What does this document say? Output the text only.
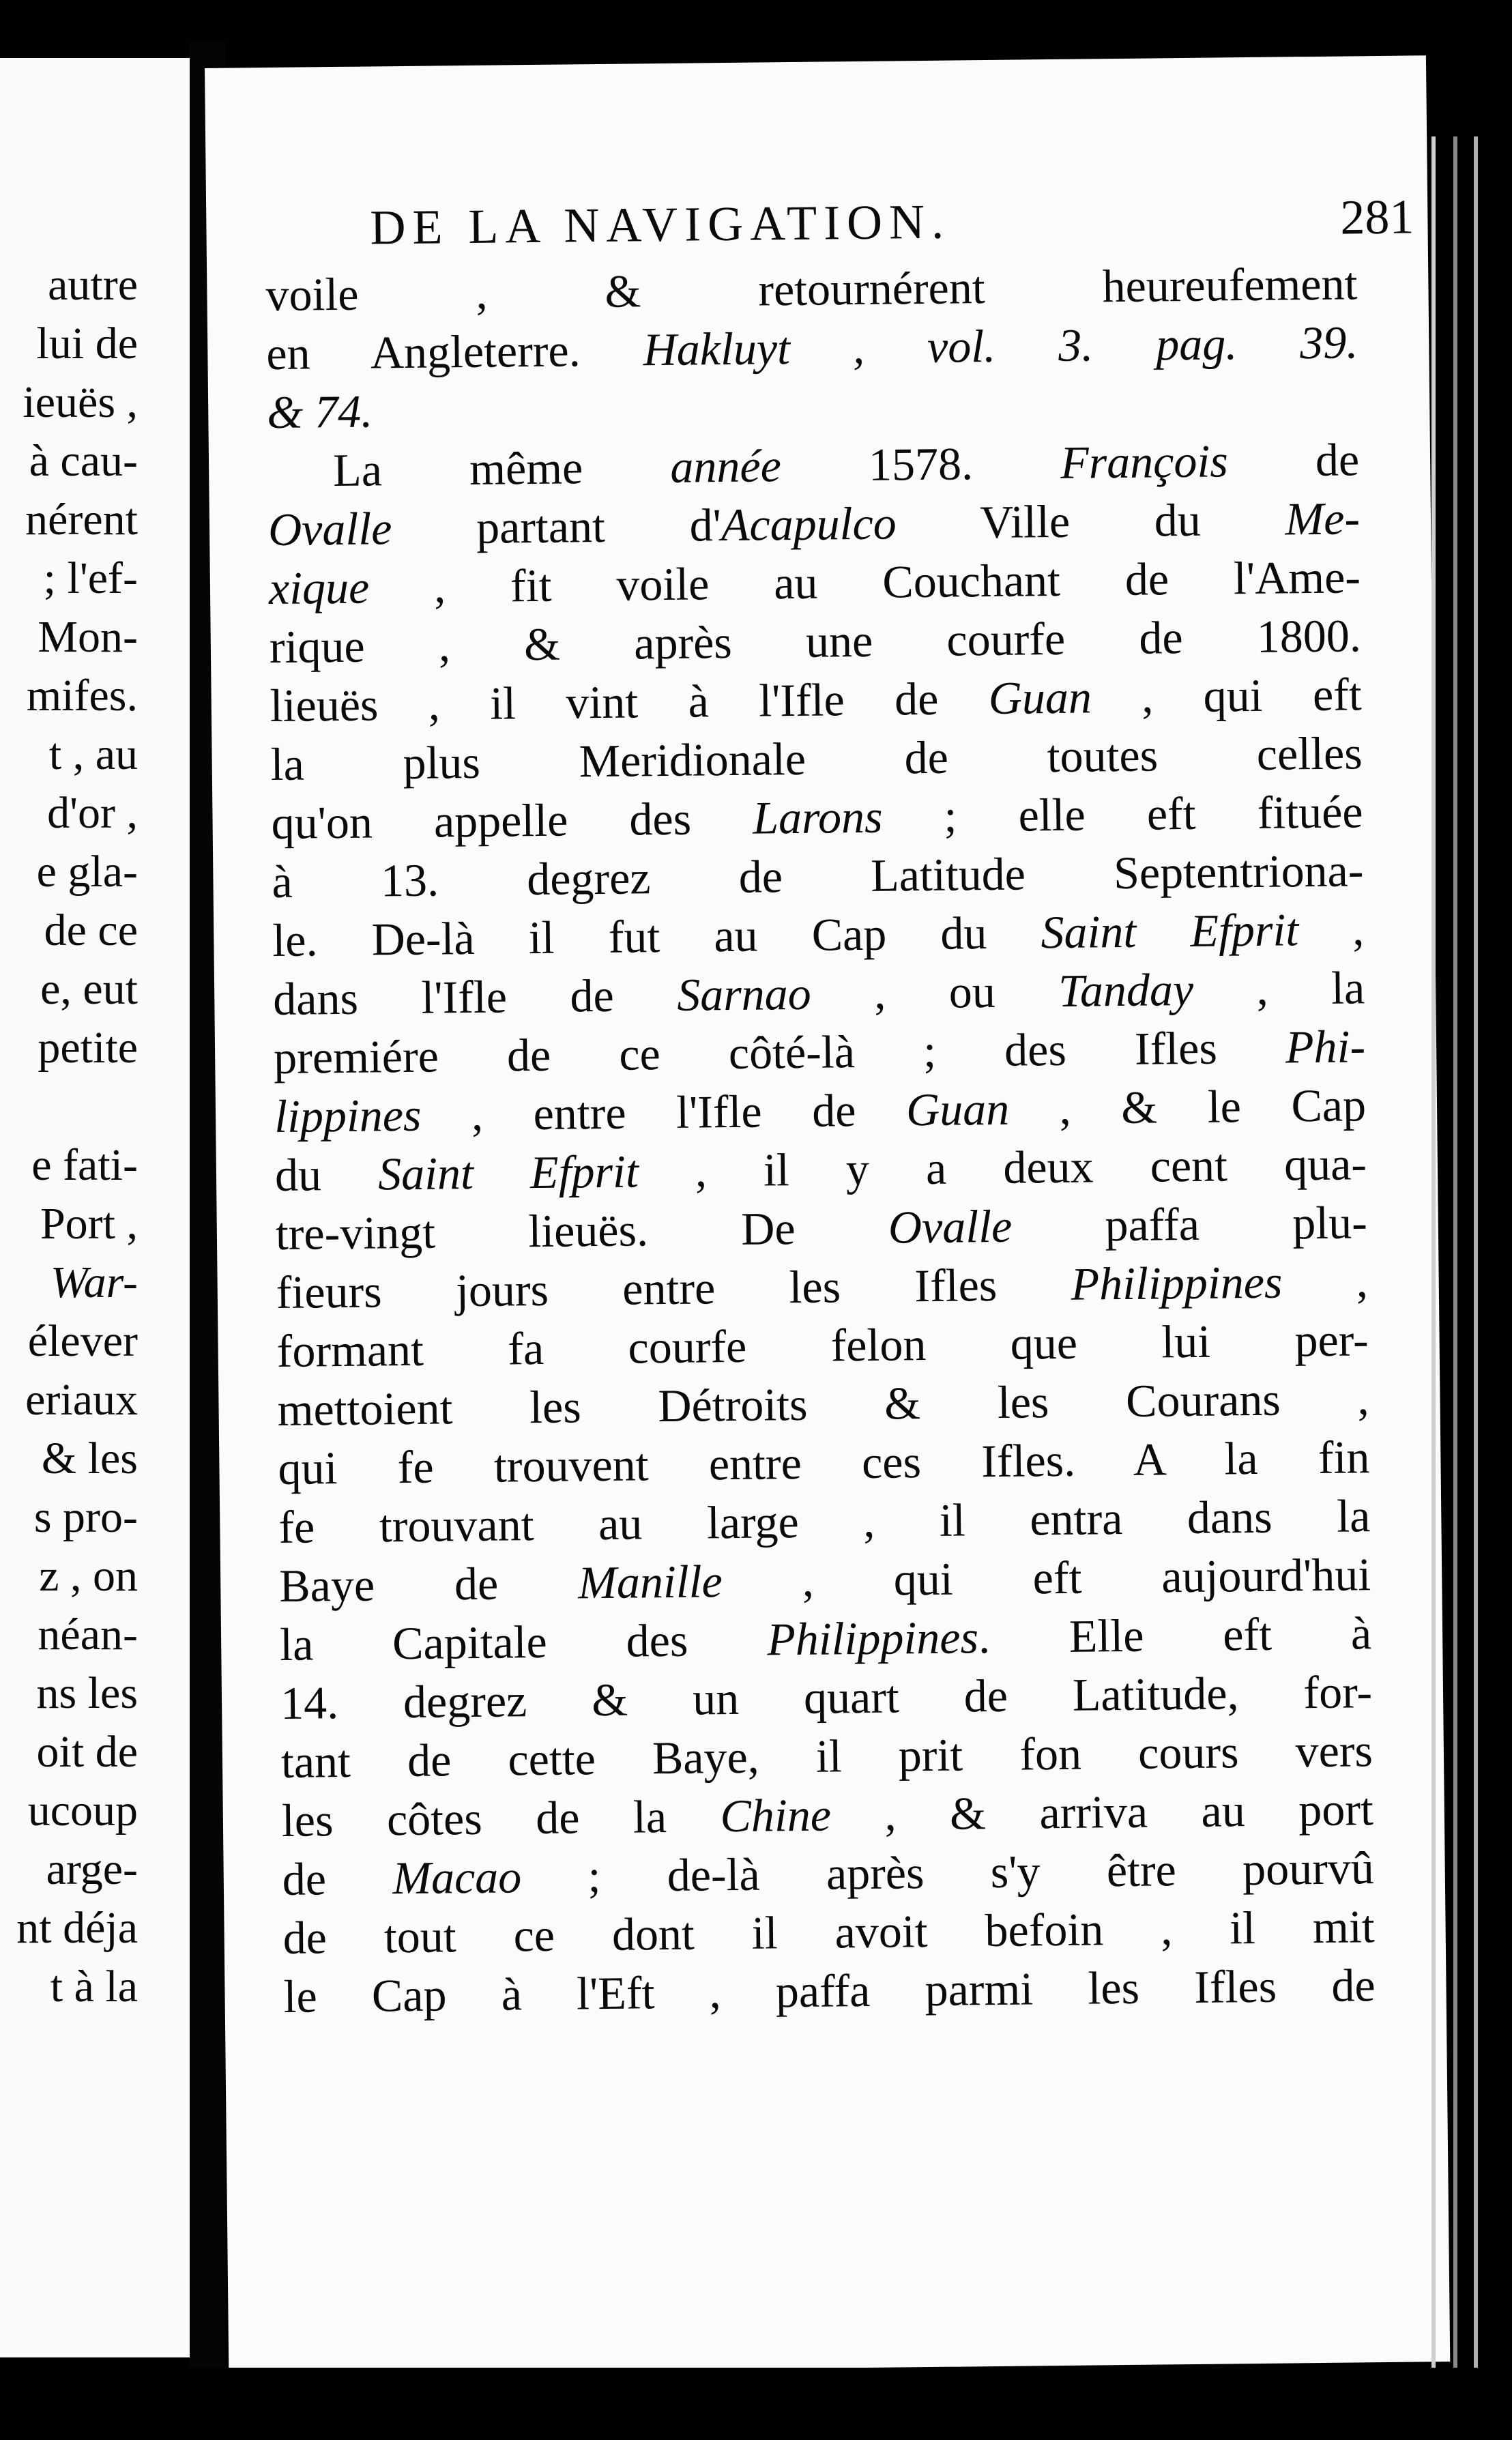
autre
lui de
ieuës ,
à cau-
nérent
; l'ef-
Mon-
mifes.
t , au
d'or ,
e gla-
de ce
e, eut
petite
e fati-
Port ,
War-
élever
eriaux
& les
s pro-
z , on
néan-
ns les
oit de
ucoup
arge-
nt déja
t à la
DE LA NAVIGATION.	281
voile , & retournérent heureufement
en Angleterre. Hakluyt , vol. 3. pag. 39.
& 74.
La même année 1578. François de
Ovalle partant d'Acapulco Ville du Me-
xique , fit voile au Couchant de l'Ame-
rique , & après une courfe de 1800.
lieuës , il vint à l'Ifle de Guan , qui eft
la plus Meridionale de toutes celles
qu'on appelle des Larons ; elle eft fituée
à 13. degrez de Latitude Septentriona-
le. De-là il fut au Cap du Saint Efprit ,
dans l'Ifle de Sarnao , ou Tanday , la
premiére de ce côté-là ; des Ifles Phi-
lippines , entre l'Ifle de Guan , & le Cap
du Saint Efprit , il y a deux cent qua-
tre-vingt lieuës. De Ovalle paffa plu-
fieurs jours entre les Ifles Philippines ,
formant fa courfe felon que lui per-
mettoient les Détroits & les Courans ,
qui fe trouvent entre ces Ifles. A la fin
fe trouvant au large , il entra dans la
Baye de Manille , qui eft aujourd'hui
la Capitale des Philippines. Elle eft à
14. degrez & un quart de Latitude, for-
tant de cette Baye, il prit fon cours vers
les côtes de la Chine , & arriva au port
de Macao ; de-là après s'y être pourvû
de tout ce dont il avoit befoin , il mit
le Cap à l'Eft , paffa parmi les Ifles de
